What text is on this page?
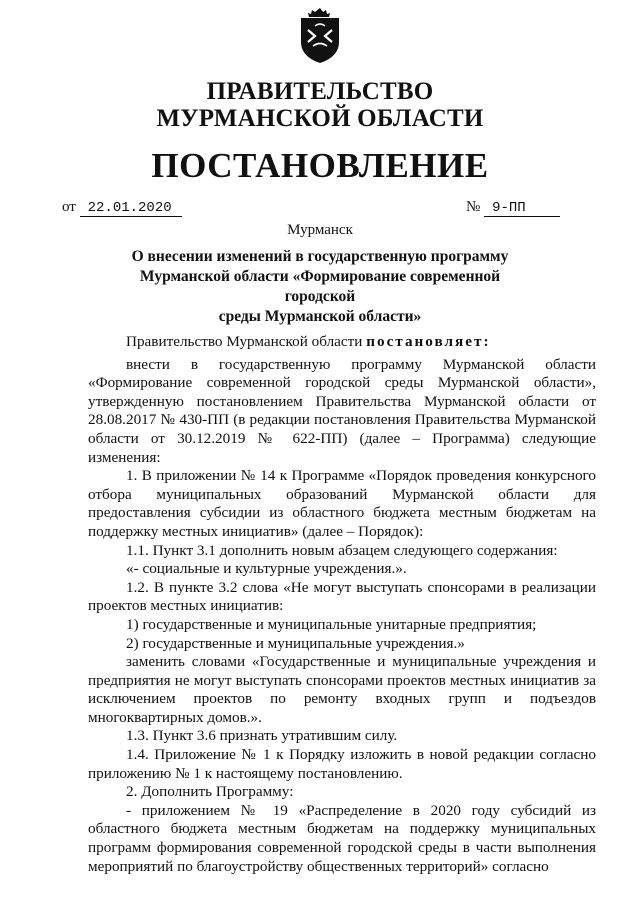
ПРАВИТЕЛЬСТВО
МУРМАНСКОЙ ОБЛАСТИ
ПОСТАНОВЛЕНИЕ
от 22.01.2020	№ 9-ПП
Мурманск
О внесении изменений в государственную программу
Мурманской области «Формирование современной городской
среды Мурманской области»

Правительство Мурманской области постановляет:

внести в государственную программу Мурманской области «Формирование современной городской среды Мурманской области», утвержденную постановлением Правительства Мурманской области от 28.08.2017 № 430-ПП (в редакции постановления Правительства Мурманской области от 30.12.2019 № 622-ПП) (далее – Программа) следующие изменения:

1. В приложении № 14 к Программе «Порядок проведения конкурсного отбора муниципальных образований Мурманской области для предоставления субсидии из областного бюджета местным бюджетам на поддержку местных инициатив» (далее – Порядок):

1.1. Пункт 3.1 дополнить новым абзацем следующего содержания:

«- социальные и культурные учреждения.».

1.2. В пункте 3.2 слова «Не могут выступать спонсорами в реализации проектов местных инициатив:

1) государственные и муниципальные унитарные предприятия;

2) государственные и муниципальные учреждения.»

заменить словами «Государственные и муниципальные учреждения и предприятия не могут выступать спонсорами проектов местных инициатив за исключением проектов по ремонту входных групп и подъездов многоквартирных домов.».

1.3. Пункт 3.6 признать утратившим силу.

1.4. Приложение № 1 к Порядку изложить в новой редакции согласно приложению № 1 к настоящему постановлению.

2. Дополнить Программу:

- приложением № 19 «Распределение в 2020 году субсидий из областного бюджета местным бюджетам на поддержку муниципальных программ формирования современной городской среды в части выполнения мероприятий по благоустройству общественных территорий» согласно
